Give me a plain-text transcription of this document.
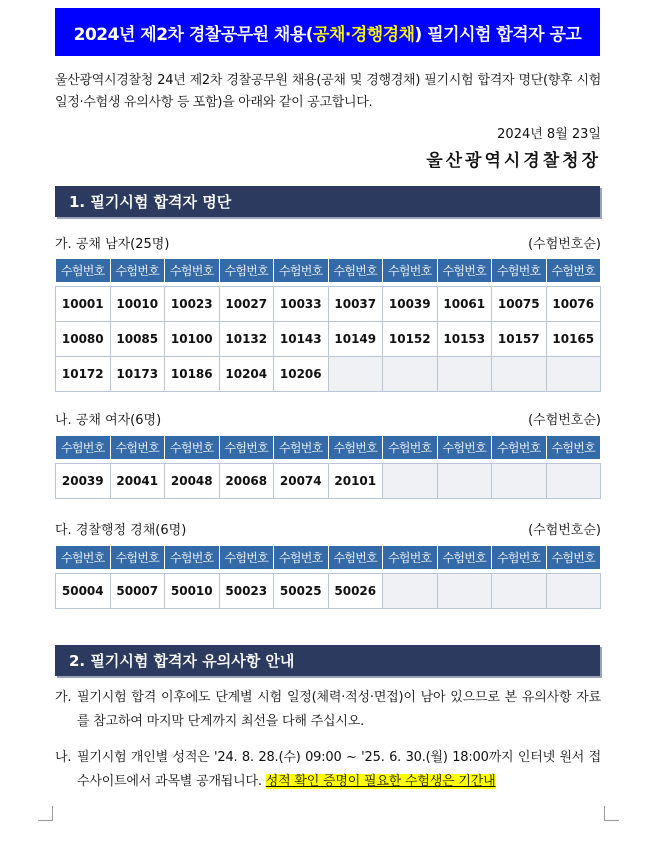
2024년 제2차 경찰공무원 채용( 공채·경행경채 ) 필기시험 합격자 공고
울산광역시경찰청 24년 제2차 경찰공무원 채용(공채 및 경행경채) 필기시험 합격자 명단(향후 시험일정·수험생 유의사항 등 포함)을 아래와 같이 공고합니다.
2024년 8월 23일
울산광역시경찰청장
1. 필기시험 합격자 명단
가. 공채 남자(25명)	(수험번호순)
수험번호	수험번호	수험번호	수험번호	수험번호	수험번호	수험번호	수험번호	수험번호	수험번호

10001	10010	10023	10027	10033	10037	10039	10061	10075	10076
10080	10085	10100	10132	10143	10149	10152	10153	10157	10165
10172	10173	10186	10204	10206					
나. 공채 여자(6명)	(수험번호순)
수험번호	수험번호	수험번호	수험번호	수험번호	수험번호	수험번호	수험번호	수험번호	수험번호

20039	20041	20048	20068	20074	20101				
다. 경찰행정 경채(6명)	(수험번호순)
수험번호	수험번호	수험번호	수험번호	수험번호	수험번호	수험번호	수험번호	수험번호	수험번호

50004	50007	50010	50023	50025	50026				
2. 필기시험 합격자 유의사항 안내
가. 필기시험 합격 이후에도 단계별 시험 일정(체력·적성·면접)이 남아 있으므로 본 유의사항 자료를 참고하여 마지막 단계까지 최선을 다해 주십시오.
나. 필기시험 개인별 성적은 '24. 8. 28.(수) 09:00 ~ '25. 6. 30.(월) 18:00까지 인터넷 원서 접수사이트에서 과목별 공개됩니다. 성적 확인 증명이 필요한 수험생은 기간내
